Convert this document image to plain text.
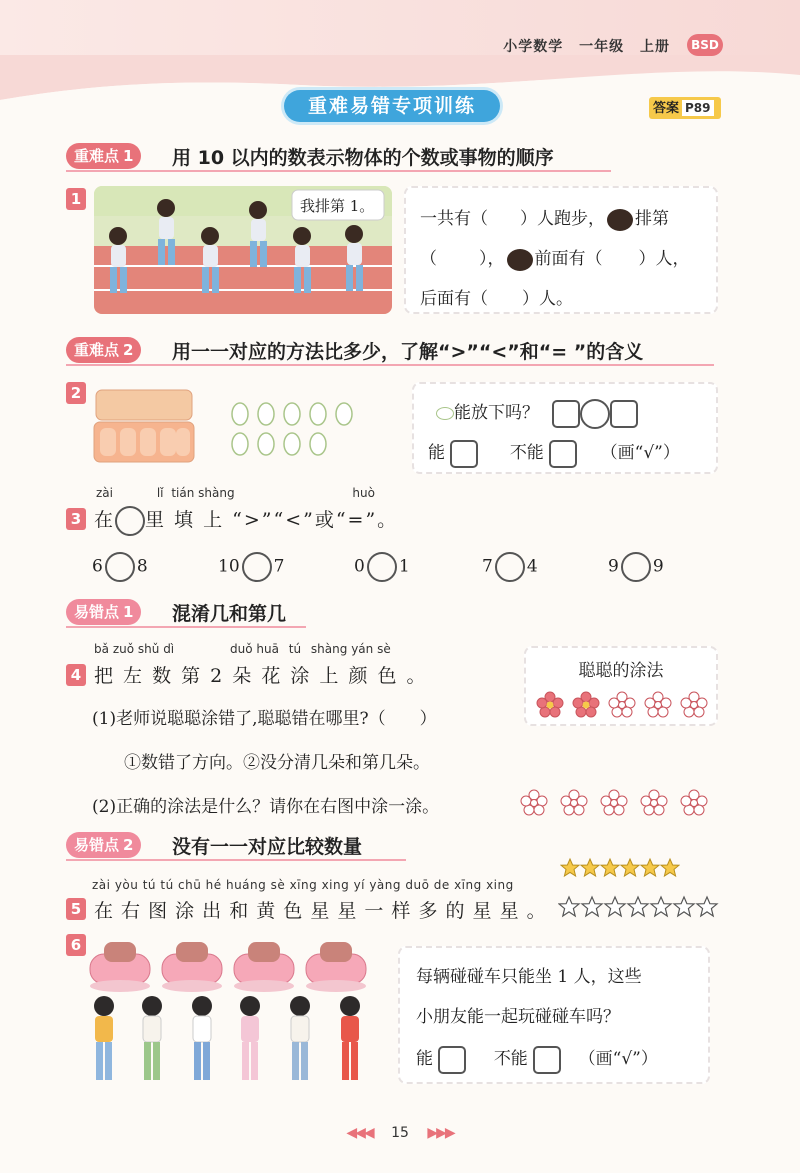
小学数学 一年级 上册	BSD
重难易错专项训练	答案 P89
重难点 1	用 10 以内的数表示物体的个数或事物的顺序
1	我排第 1。
一共有（ ）人跑步， 排第
（ ）， 前面有（ ）人，
后面有（　　）人。
重难点 2	用一一对应的方法比多少，了解“>”“<”和“= ”的含义
2
能放下吗？
能	不能	（画“√”）
zài	lǐ tián shàng	huò
3 在 里 填 上 “>”“<”或“=”。
6 8	10 7	0 1	7 4	9 9
易错点 1	混淆几和第几
bǎ zuǒ shǔ dì	duǒ huā tú shàng yán sè
4 把 左 数 第 2 朵 花 涂 上 颜 色 。	聪聪的涂法
(1)老师说聪聪涂错了,聪聪错在哪里?（　　）
①数错了方向。②没分清几朵和第几朵。
(2)正确的涂法是什么？请你在右图中涂一涂。
易错点 2	没有一一对应比较数量
zài yòu tú tú chū hé huáng sè xīng xing yí yàng duō de xīng xing
5 在 右 图 涂 出 和 黄 色 星 星 一 样 多 的 星 星 。
6
每辆碰碰车只能坐 1 人，这些
小朋友能一起玩碰碰车吗？
能	不能	（画“√”）
◀◀◀ 15 ▶▶▶
